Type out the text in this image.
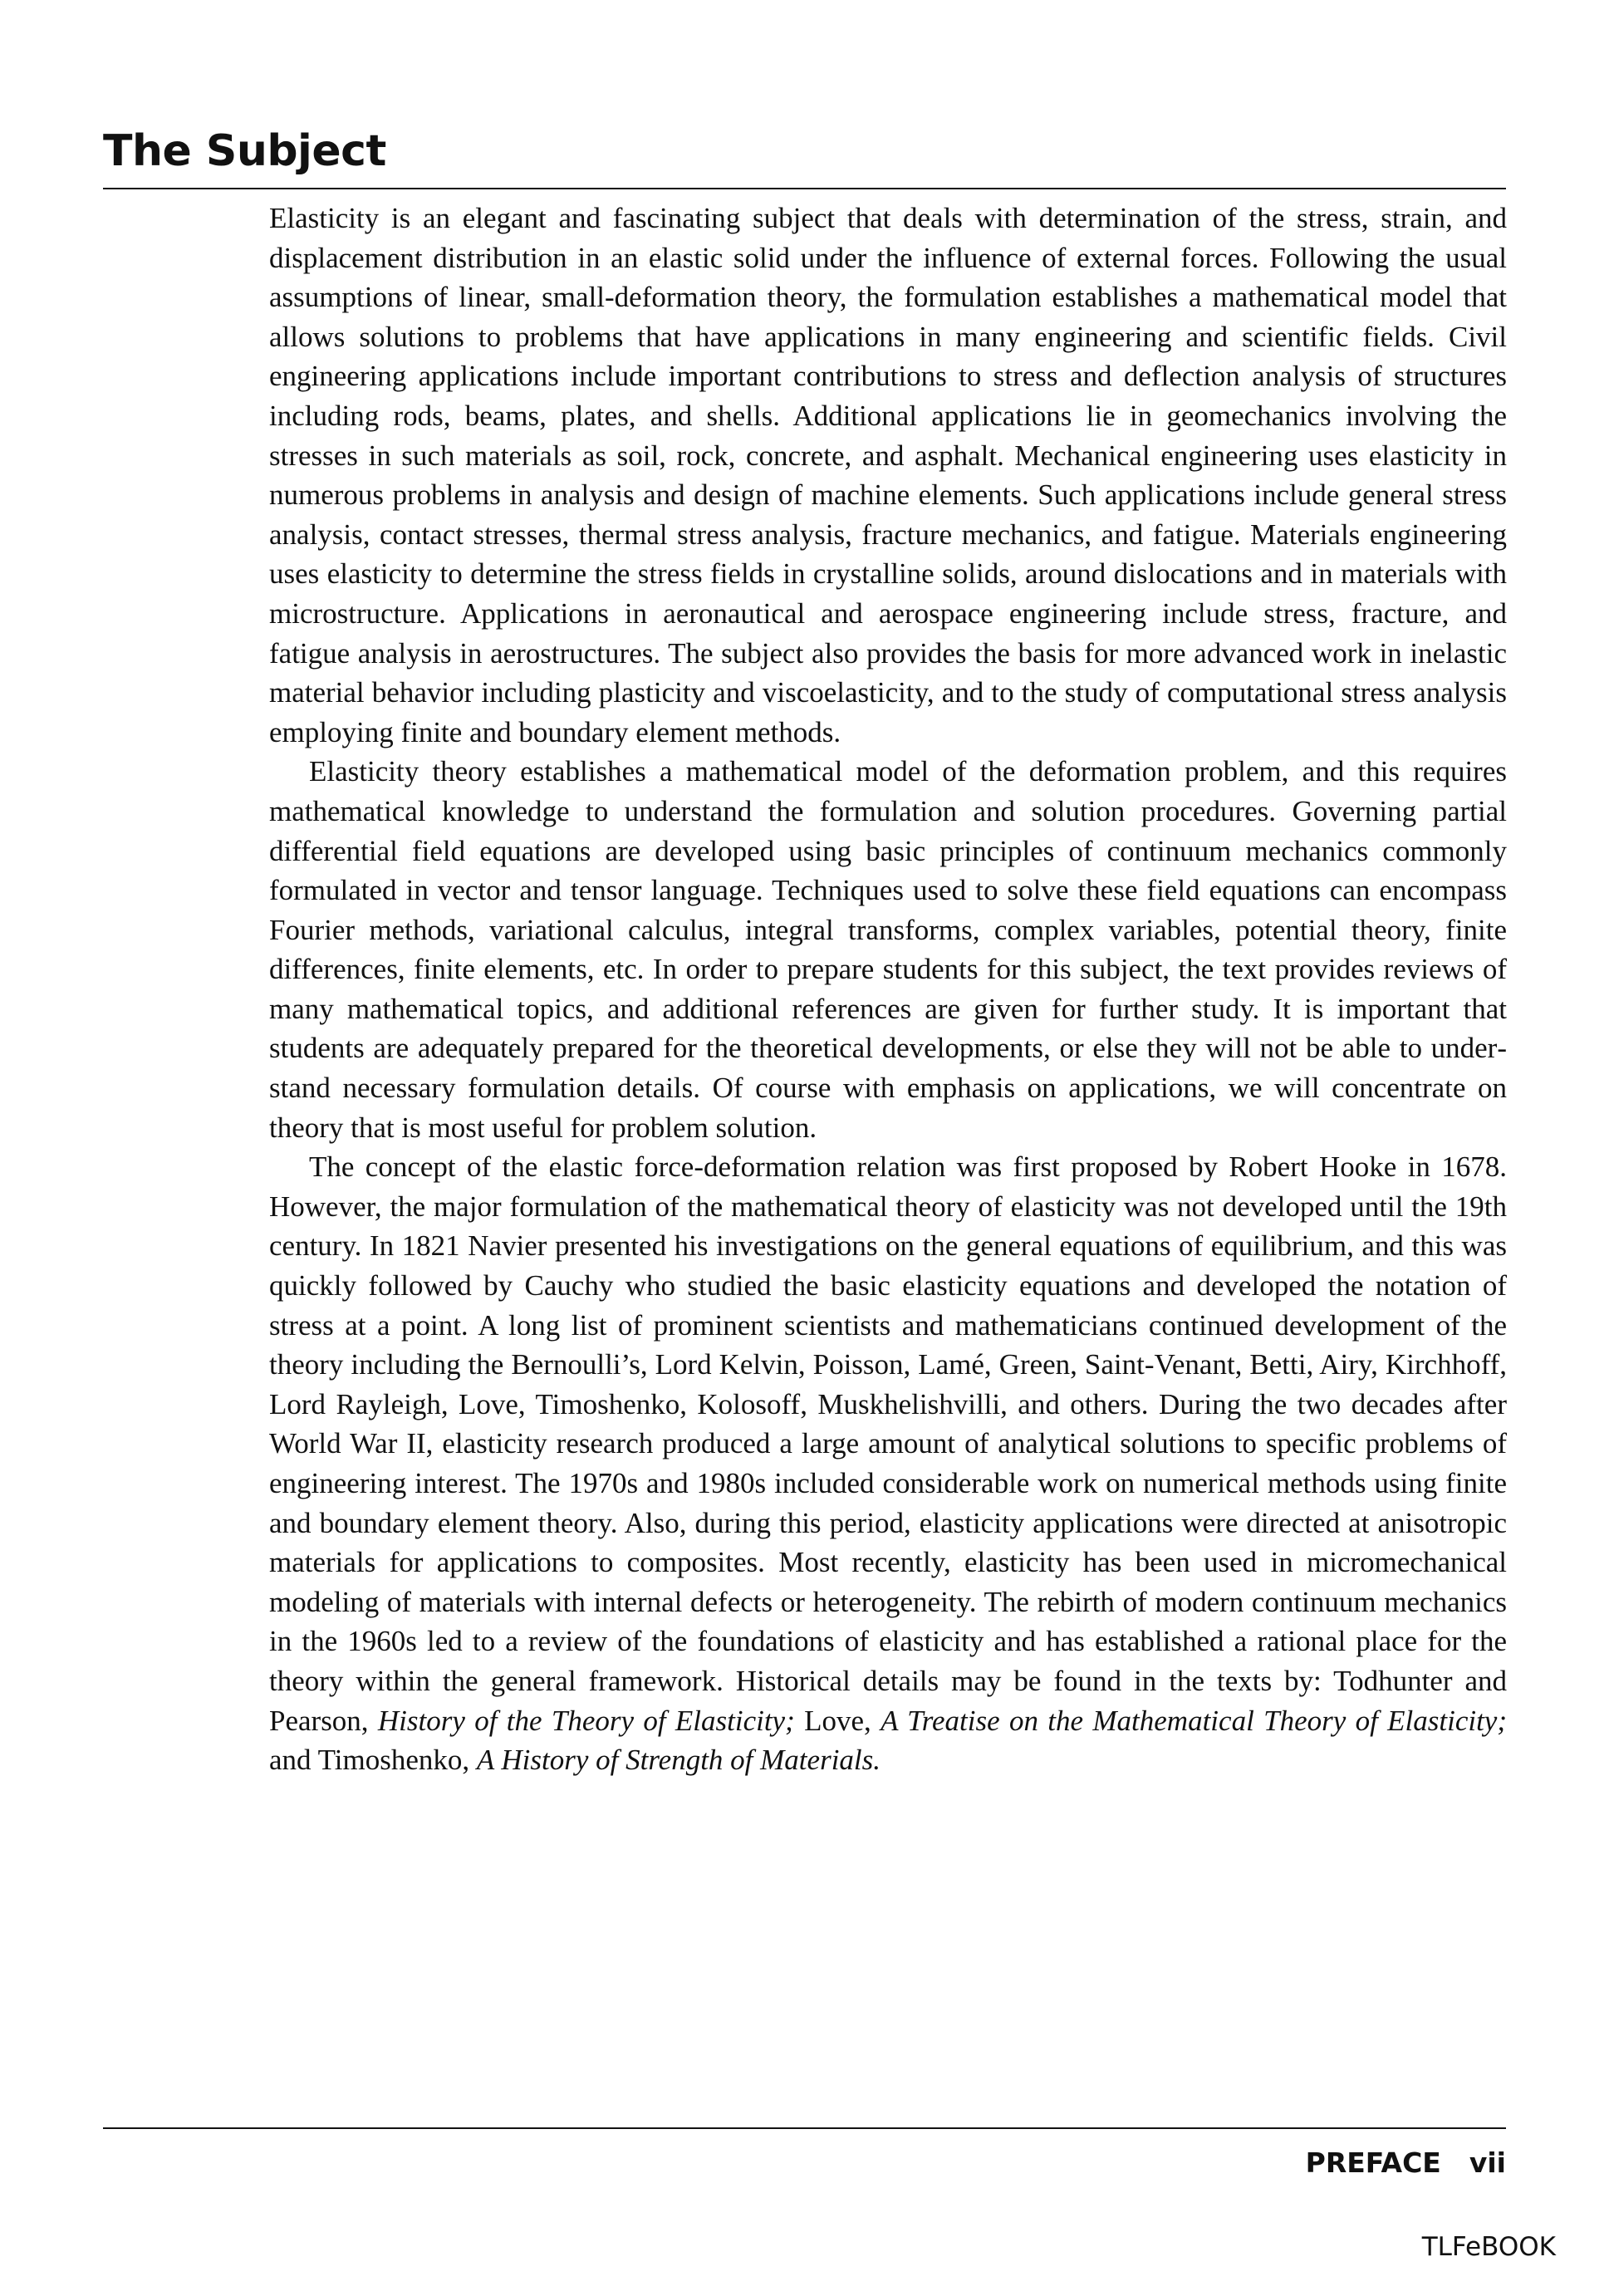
The Subject

Elasticity is an elegant and fascinating subject that deals with determination of the stress, strain, and displacement distribution in an elastic solid under the influence of external forces. Following the usual assumptions of linear, small-deformation theory, the formulation establishes a mathematical model that allows solutions to problems that have applications in many engineering and scientific fields. Civil engineering applications include important contributions to stress and deflection analysis of structures including rods, beams, plates, and shells. Additional applications lie in geomechanics involving the stresses in such materials as soil, rock, concrete, and asphalt. Mechanical engineering uses elasticity in numerous problems in analysis and design of machine elements. Such applications include general stress analysis, contact stresses, thermal stress analysis, fracture mechanics, and fatigue. Materials engineering uses elasticity to determine the stress fields in crystalline solids, around dislocations and in materials with microstructure. Applications in aeronautical and aerospace engineering include stress, fracture, and fatigue analysis in aerostructures. The subject also provides the basis for more advanced work in inelastic material behavior including plasticity and viscoelasticity, and to the study of computational stress analysis employing finite and boundary element methods.

Elasticity theory establishes a mathematical model of the deformation problem, and this requires mathematical knowledge to understand the formulation and solution procedures. Governing partial differential field equations are developed using basic principles of continuum mechanics commonly formulated in vector and tensor language. Techniques used to solve these field equations can encompass Fourier methods, variational calculus, integral transforms, complex variables, potential theory, finite differences, finite elements, etc. In order to prepare students for this subject, the text provides reviews of many mathematical topics, and additional references are given for further study. It is important that students are adequately prepared for the theoretical developments, or else they will not be able to understand necessary formulation details. Of course with emphasis on applications, we will concentrate on theory that is most useful for problem solution.

The concept of the elastic force-deformation relation was first proposed by Robert Hooke in 1678. However, the major formulation of the mathematical theory of elasticity was not developed until the 19th century. In 1821 Navier presented his investigations on the general equations of equilibrium, and this was quickly followed by Cauchy who studied the basic elasticity equations and developed the notation of stress at a point. A long list of prominent scientists and mathematicians continued development of the theory including the Bernoulli’s, Lord Kelvin, Poisson, Lamé, Green, Saint-Venant, Betti, Airy, Kirchhoff, Lord Rayleigh, Love, Timoshenko, Kolosoff, Muskhelishvilli, and others. During the two decades after World War II, elasticity research produced a large amount of analytical solutions to specific problems of engineering interest. The 1970s and 1980s included considerable work on numerical methods using finite and boundary element theory. Also, during this period, elasticity applications were directed at anisotropic materials for applications to composites. Most recently, elasticity has been used in micromechanical modeling of materials with internal defects or heterogeneity. The rebirth of modern continuum mechanics in the 1960s led to a review of the foundations of elasticity and has established a rational place for the theory within the general framework. Historical details may be found in the texts by: Todhunter and Pearson, History of the Theory of Elasticity; Love, A Treatise on the Mathematical Theory of Elasticity; and Timoshenko, A History of Strength of Materials.

PREFACE vii
TLFeBOOK
